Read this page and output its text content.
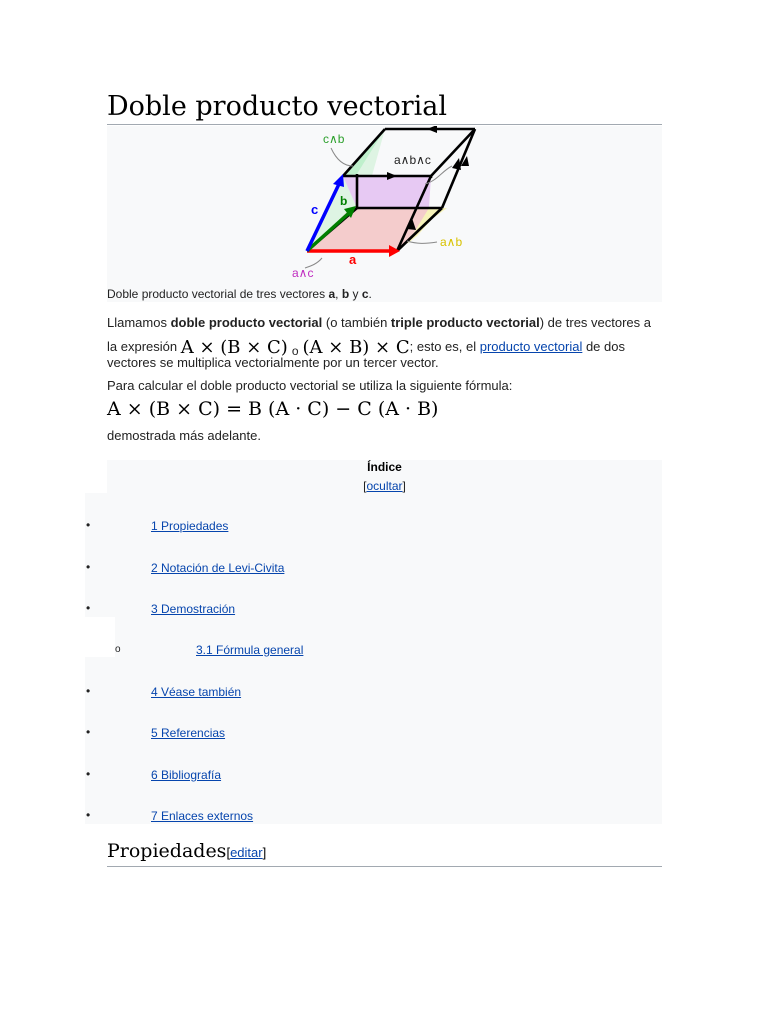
Doble producto vectorial
c∧b
a∧b∧c
c
b
a
a∧b
a∧c
Doble producto vectorial de tres vectores a, b y c.
Llamamos doble producto vectorial (o también triple producto vectorial) de tres vectores a
la expresión A × (B × C) o (A × B) × C; esto es, el producto vectorial de dos
vectores se multiplica vectorialmente por un tercer vector.
Para calcular el doble producto vectorial se utiliza la siguiente fórmula:
A × (B × C) = B (A · C) − C (A · B)
demostrada más adelante.
Índice
[ocultar]
•	1 Propiedades
•	2 Notación de Levi-Civita
•	3 Demostración
o	3.1 Fórmula general
•	4 Véase también
•	5 Referencias
•	6 Bibliografía
•	7 Enlaces externos
Propiedades[editar]
